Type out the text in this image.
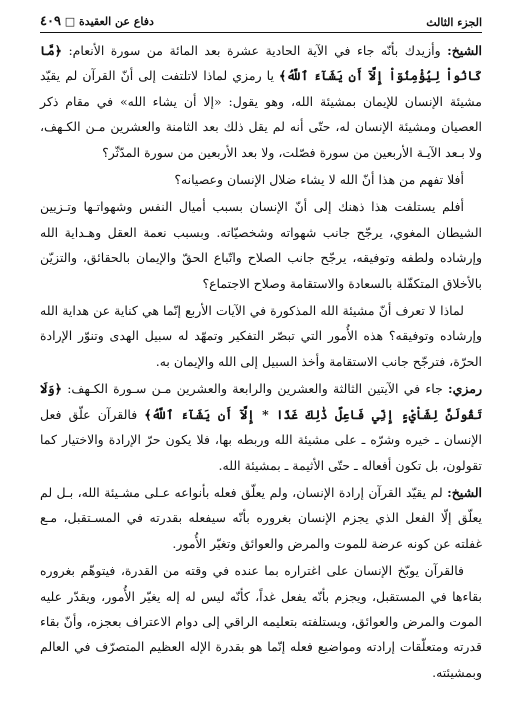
الجزء الثالث
دفاع عن العقيدة □ ٤٠٩

الشيخ: وأزيدك بأنّه جاء في الآية الحادية عشرة بعد المائة من سورة الأنعام: ﴿مَّا كَانُواْ لِيُؤْمِنُوٓاْ إِلَّآ أَن يَشَآءَ ٱللَّهُ﴾ يا رمزي لماذا لاتلتفت إلى أنّ القرآن لم يقيّد مشيئة الإنسان للإيمان بمشيئة الله، وهو يقول: «إلا أن يشاء الله» في مقام ذكر العصيان ومشيئة الإنسان له، حتّى أنه لم يقل ذلك بعد الثامنة والعشرين مـن الكـهف، ولا بـعد الآيـة الأربعين من سورة فصّلت، ولا بعد الأربعين من سورة المدّثّر؟

أفلا تفهم من هذا أنّ الله لا يشاء ضلال الإنسان وعصيانه؟

أفلم يستلفت هذا ذهنك إلى أنّ الإنسان بسبب أميال النفس وشهواتـها وتـزيين الشيطان المغوي، يرجّح جانب شهواته وشخصيّاته. وبسبب نعمة العقل وهـداية الله وإرشاده ولطفه وتوفيقه، يرجّح جانب الصلاح واتّباع الحقّ والإيمان بالحقائق، والتزيّن بالأخلاق المتكفّلة بالسعادة والاستقامة وصلاح الاجتماع؟

لماذا لا تعرف أنّ مشيئة الله المذكورة في الآيات الأربع إنّما هي كناية عن هداية الله وإرشاده وتوفيقه؟ هذه الأُمور التي تبصّر التفكير وتمهّد له سبيل الهدى وتنوّر الإرادة الحرّة، فترجّح جانب الاستقامة وأخذ السبيل إلى الله والإيمان به.

رمزي: جاء في الآيتين الثالثة والعشرين والرابعة والعشرين مـن سـورة الكـهف: ﴿وَلَا تَقُولَنَّ لِشَاْيْءٍ إِنِّي فَاعِلٌ ذَٰلِكَ غَدًا * إِلَّآ أَن يَشَآءَ ٱللَّهُ﴾ فالقرآن علّق فعل الإنسان ـ خيره وشرّه ـ على مشيئة الله وربطه بها، فلا يكون حرّ الإرادة والاختيار كما تقولون، بل تكون أفعاله ـ حتّى الأثيمة ـ بمشيئة الله.

الشيخ: لم يقيّد القرآن إرادة الإنسان، ولم يعلّق فعله بأنواعه عـلى مشـيئة الله، بـل لم يعلّق إلّا الفعل الذي يجزم الإنسان بغروره بأنّه سيفعله بقدرته في المسـتقبل، مـع غفلته عن كونه عرضة للموت والمرض والعوائق وتغيّر الأُمور.

فالقرآن يوبّخ الإنسان على اغتراره بما عنده في وقته من القدرة، فيتوهّم بغروره بقاءها في المستقبل، ويجزم بأنّه يفعل غداً، كأنّه ليس له إله يغيّر الأُمور، ويقدّر عليه الموت والمرض والعوائق، ويستلفته بتعليمه الراقي إلى دوام الاعتراف بعجزه، وأنّ بقاء قدرته ومتعلّقات إرادته ومواضيع فعله إنّما هو بقدرة الإله العظيم المتصرّف في العالم وبمشيئته.
